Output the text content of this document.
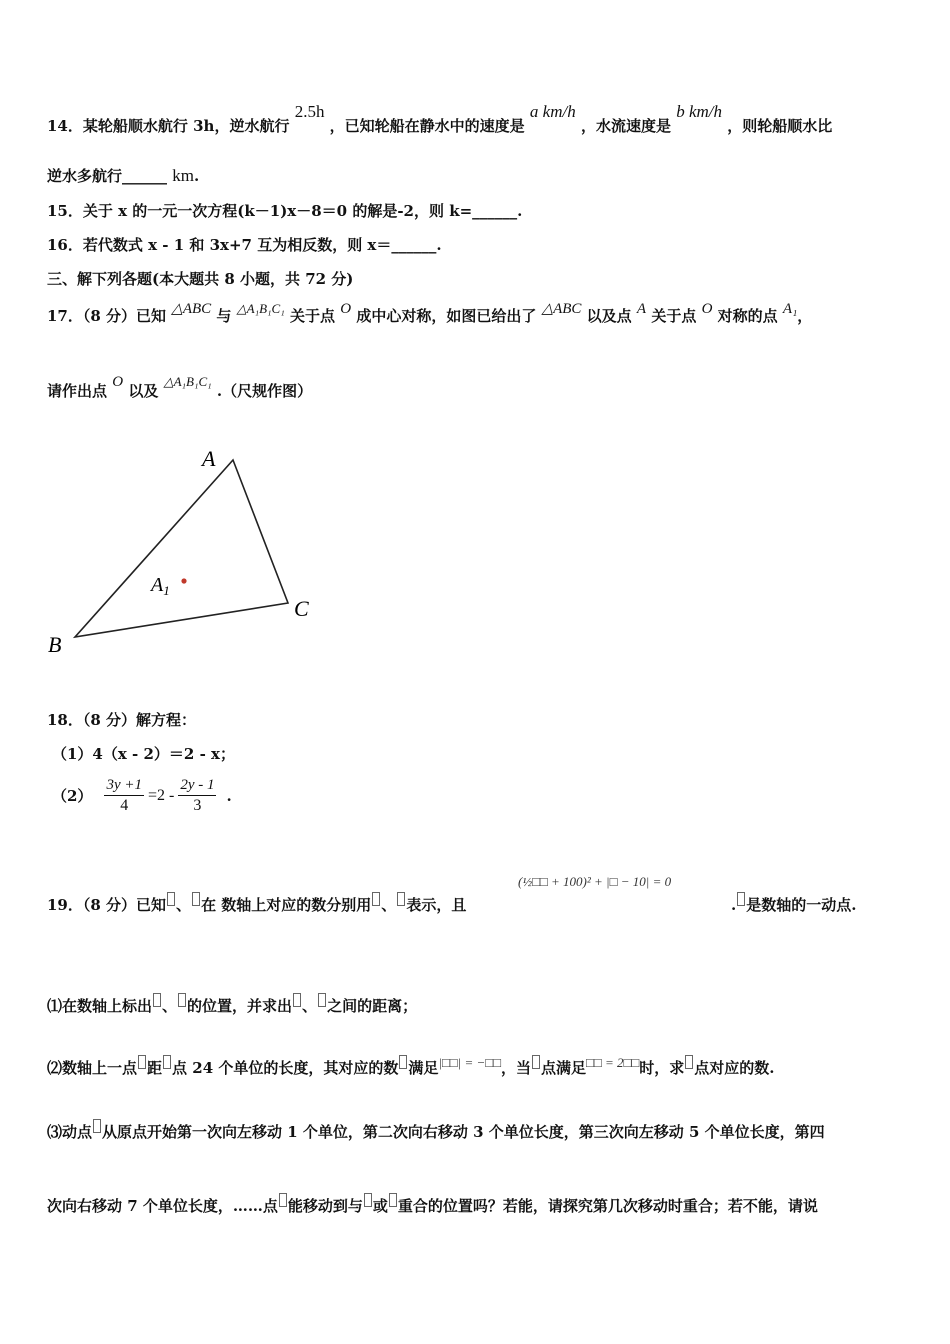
14．某轮船顺水航行 3h，逆水航行 2.5h ，已知轮船在静水中的速度是 a km/h ，水流速度是 b km/h ，则轮船顺水比
逆水多航行______ km.
15．关于 x 的一元一次方程(k－1)x－8＝0 的解是-2，则 k=______.
16．若代数式 x - 1 和 3x+7 互为相反数，则 x＝______.
三、解下列各题(本大题共 8 小题，共 72 分)
17．（8 分）已知 △ABC 与 △A₁B₁C₁ 关于点 O 成中心对称，如图已给出了 △ABC 以及点 A 关于点 O 对称的点 A₁，
请作出点 O 以及 △A₁B₁C₁ .（尺规作图）
A
B
C
$A_1$
18．（8 分）解方程：
（1）4（x - 2）＝2 - x；
$(2) \frac{3y +1}{4} =2 - \frac{2y - 1}{3}$ .
(½□□ + 100)² + |□ − 10| = 0
19．（8 分）已知 、 在 数轴上对应的数分别用 、 表示，且	. 是数轴的一动点.
⑴在数轴上标出 、 的位置，并求出 、 之间的距离；
⑵数轴上一点 距 点 24 个单位的长度，其对应的数 满足|□□| = −□□，当 点满足□□ = 2□□时，求 点对应的数.
⑶动点 从原点开始第一次向左移动 1 个单位，第二次向右移动 3 个单位长度，第三次向左移动 5 个单位长度，第四
次向右移动 7 个单位长度，……点 能移动到与 或 重合的位置吗？若能，请探究第几次移动时重合；若不能，请说
